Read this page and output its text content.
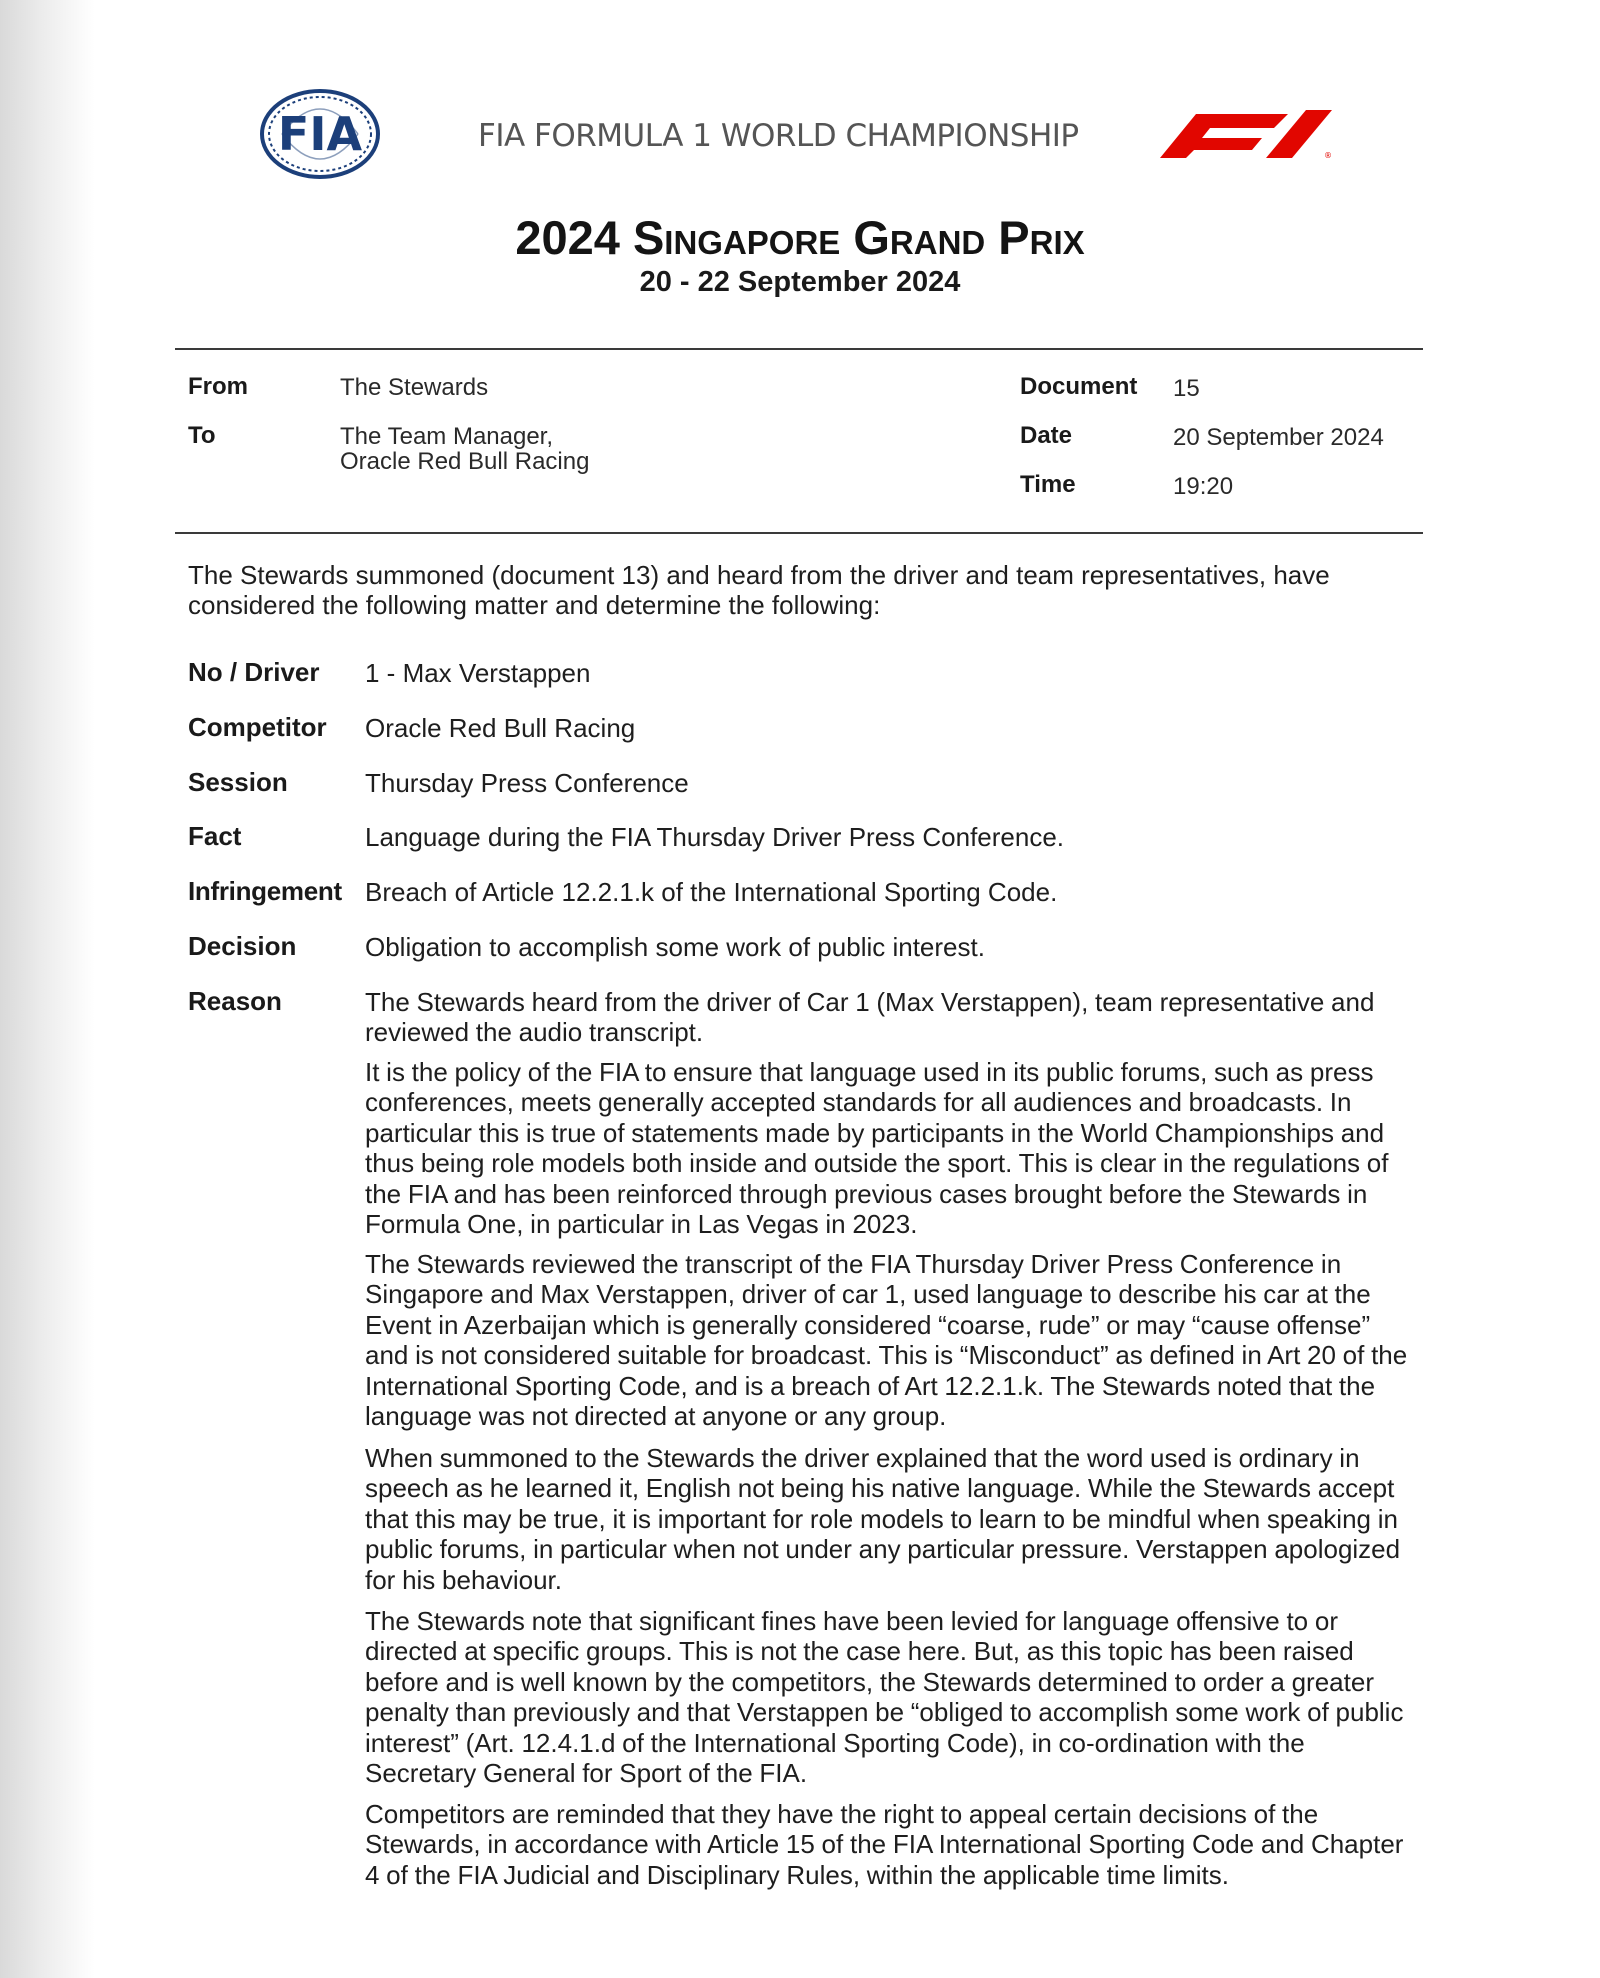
FIA	FIA FORMULA 1 WORLD CHAMPIONSHIP
®
2024 Singapore Grand Prix
20 - 22 September 2024
From	The Stewards
To	The Team Manager,
Oracle Red Bull Racing
Document 15
Date	20 September 2024
Time	19:20
The Stewards summoned (document 13) and heard from the driver and team representatives, have considered the following matter and determine the following:
No / Driver 1 - Max Verstappen
Competitor Oracle Red Bull Racing
Session	Thursday Press Conference
Fact	Language during the FIA Thursday Driver Press Conference.
Infringement Breach of Article 12.2.1.k of the International Sporting Code.
Decision	Obligation to accomplish some work of public interest.
Reason	The Stewards heard from the driver of Car 1 (Max Verstappen), team representative and reviewed the audio transcript.
It is the policy of the FIA to ensure that language used in its public forums, such as press conferences, meets generally accepted standards for all audiences and broadcasts. In particular this is true of statements made by participants in the World Championships and thus being role models both inside and outside the sport. This is clear in the regulations of the FIA and has been reinforced through previous cases brought before the Stewards in Formula One, in particular in Las Vegas in 2023.
The Stewards reviewed the transcript of the FIA Thursday Driver Press Conference in Singapore and Max Verstappen, driver of car 1, used language to describe his car at the Event in Azerbaijan which is generally considered “coarse, rude” or may “cause offense” and is not considered suitable for broadcast. This is “Misconduct” as defined in Art 20 of the International Sporting Code, and is a breach of Art 12.2.1.k. The Stewards noted that the language was not directed at anyone or any group.
When summoned to the Stewards the driver explained that the word used is ordinary in speech as he learned it, English not being his native language. While the Stewards accept that this may be true, it is important for role models to learn to be mindful when speaking in public forums, in particular when not under any particular pressure. Verstappen apologized for his behaviour.
The Stewards note that significant fines have been levied for language offensive to or directed at specific groups. This is not the case here. But, as this topic has been raised before and is well known by the competitors, the Stewards determined to order a greater penalty than previously and that Verstappen be “obliged to accomplish some work of public interest” (Art. 12.4.1.d of the International Sporting Code), in co-ordination with the Secretary General for Sport of the FIA.
Competitors are reminded that they have the right to appeal certain decisions of the Stewards, in accordance with Article 15 of the FIA International Sporting Code and Chapter 4 of the FIA Judicial and Disciplinary Rules, within the applicable time limits.
